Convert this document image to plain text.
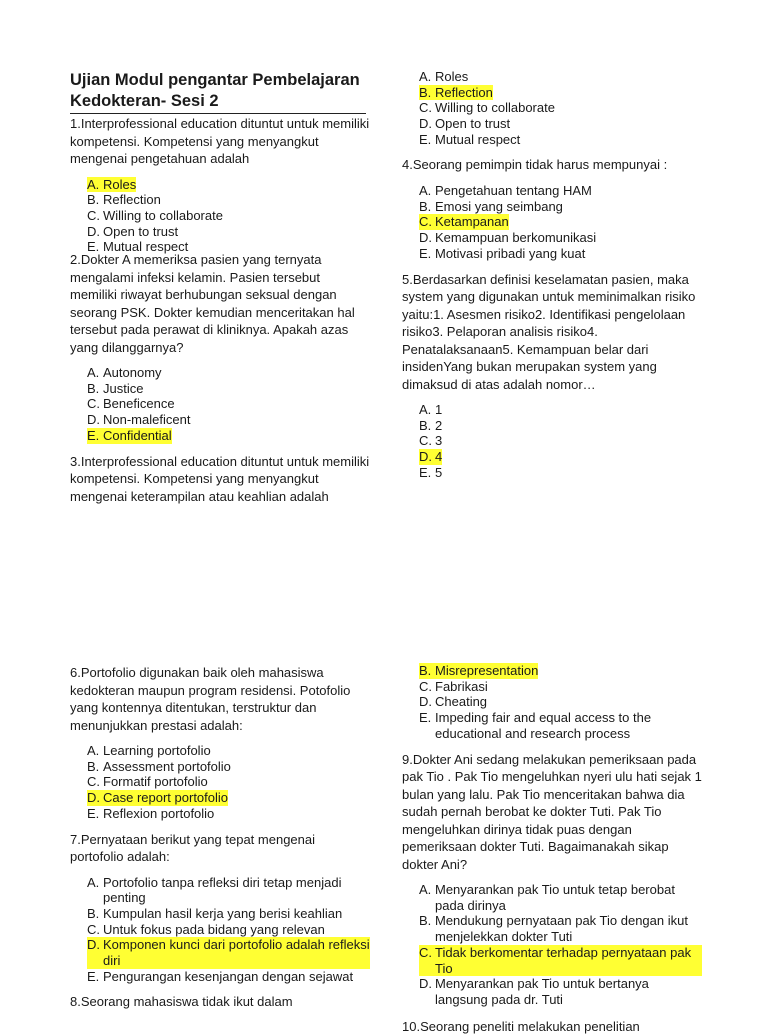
Ujian Modul pengantar Pembelajaran Kedokteran- Sesi 2

1.Interprofessional education dituntut untuk memiliki kompetensi. Kompetensi yang menyangkut mengenai pengetahuan adalah

A. Roles
B. Reflection
C. Willing to collaborate
D. Open to trust
E. Mutual respect

2.Dokter A memeriksa pasien yang ternyata mengalami infeksi kelamin. Pasien tersebut memiliki riwayat berhubungan seksual dengan seorang PSK. Dokter kemudian menceritakan hal tersebut pada perawat di kliniknya. Apakah azas yang dilanggarnya?

A. Autonomy
B. Justice
C. Beneficence
D. Non-maleficent
E. Confidential

3.Interprofessional education dituntut untuk memiliki kompetensi. Kompetensi yang menyangkut mengenai keterampilan atau keahlian adalah

A. Roles
B. Reflection
C. Willing to collaborate
D. Open to trust
E. Mutual respect

4.Seorang pemimpin tidak harus mempunyai :

A. Pengetahuan tentang HAM
B. Emosi yang seimbang
C. Ketampanan
D. Kemampuan berkomunikasi
E. Motivasi pribadi yang kuat

5.Berdasarkan definisi keselamatan pasien, maka system yang digunakan untuk meminimalkan risiko yaitu:1. Asesmen risiko2. Identifikasi pengelolaan risiko3. Pelaporan analisis risiko4. Penatalaksanaan5. Kemampuan belar dari insidenYang bukan merupakan system yang dimaksud di atas adalah nomor…

A. 1
B. 2
C. 3
D. 4
E. 5

6.Portofolio digunakan baik oleh mahasiswa kedokteran maupun program residensi. Potofolio yang kontennya ditentukan, terstruktur dan menunjukkan prestasi adalah:

A. Learning portofolio
B. Assessment portofolio
C. Formatif portofolio
D. Case report portofolio
E. Reflexion portofolio

7.Pernyataan berikut yang tepat mengenai portofolio adalah:

A. Portofolio tanpa refleksi diri tetap menjadi penting
B. Kumpulan hasil kerja yang berisi keahlian
C. Untuk fokus pada bidang yang relevan
D. Komponen kunci dari portofolio adalah refleksi diri
E. Pengurangan kesenjangan dengan sejawat

8.Seorang mahasiswa tidak ikut dalam

B. Misrepresentation
C. Fabrikasi
D. Cheating
E. Impeding fair and equal access to the educational and research process

9.Dokter Ani sedang melakukan pemeriksaan pada pak Tio . Pak Tio mengeluhkan nyeri ulu hati sejak 1 bulan yang lalu. Pak Tio menceritakan bahwa dia sudah pernah berobat ke dokter Tuti. Pak Tio mengeluhkan dirinya tidak puas dengan pemeriksaan dokter Tuti. Bagaimanakah sikap dokter Ani?

A. Menyarankan pak Tio untuk tetap berobat pada dirinya
B. Mendukung pernyataan pak Tio dengan ikut menjelekkan dokter Tuti
C. Tidak berkomentar terhadap pernyataan pak Tio
D. Menyarankan pak Tio untuk bertanya langsung pada dr. Tuti

10.Seorang peneliti melakukan penelitian
